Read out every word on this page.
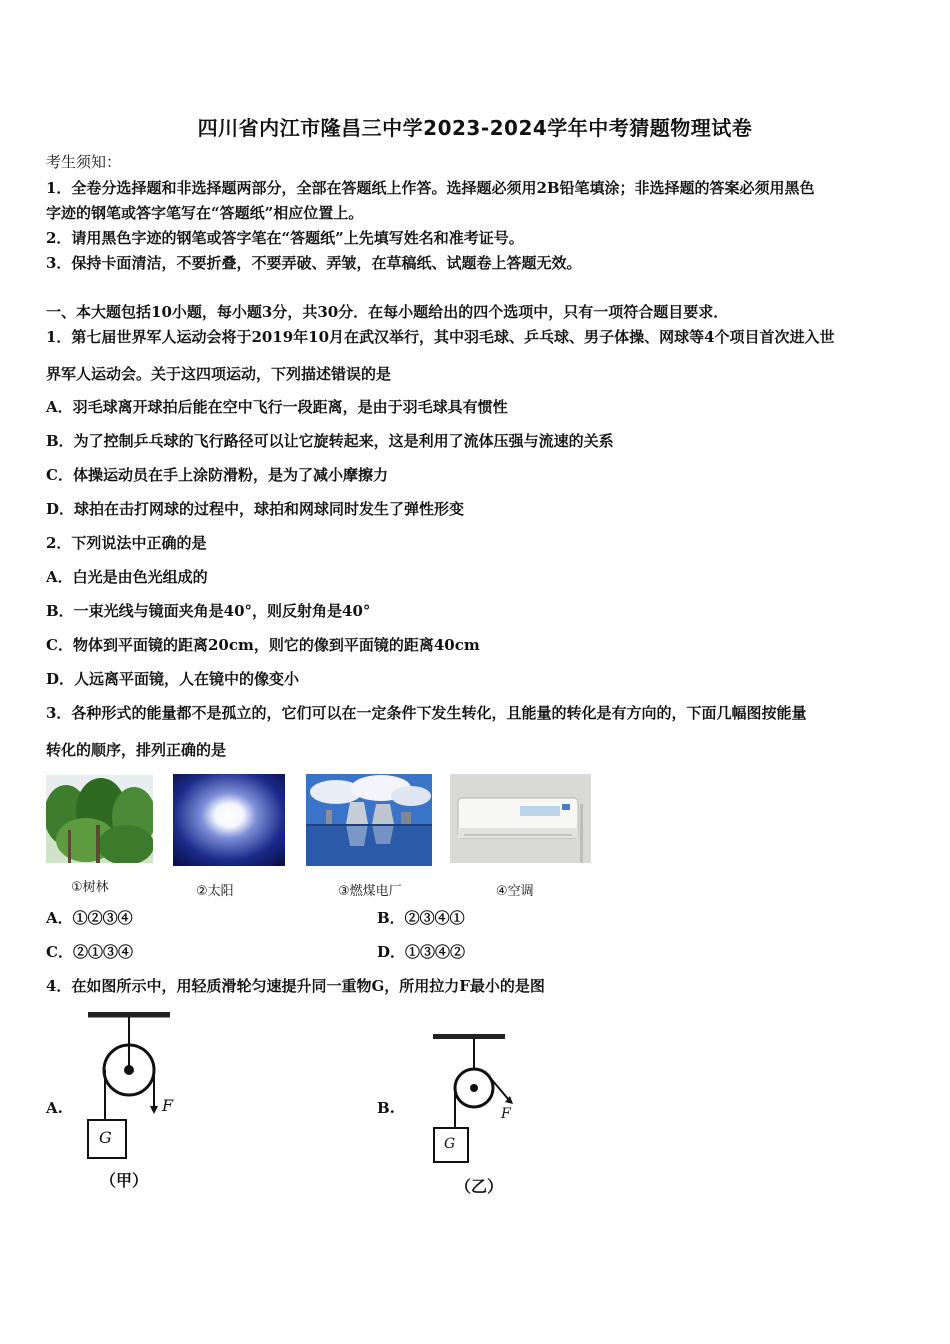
四川省内江市隆昌三中学2023-2024学年中考猜题物理试卷
考生须知：
1．全卷分选择题和非选择题两部分，全部在答题纸上作答。选择题必须用2B铅笔填涂；非选择题的答案必须用黑色
字迹的钢笔或答字笔写在“答题纸”相应位置上。
2．请用黑色字迹的钢笔或答字笔在“答题纸”上先填写姓名和准考证号。
3．保持卡面清洁，不要折叠，不要弄破、弄皱，在草稿纸、试题卷上答题无效。
一、本大题包括10小题，每小题3分，共30分．在每小题给出的四个选项中，只有一项符合题目要求．
1．第七届世界军人运动会将于2019年10月在武汉举行，其中羽毛球、乒乓球、男子体操、网球等4个项目首次进入世
界军人运动会。关于这四项运动，下列描述错误的是
A．羽毛球离开球拍后能在空中飞行一段距离，是由于羽毛球具有惯性
B．为了控制乒乓球的飞行路径可以让它旋转起来，这是利用了流体压强与流速的关系
C．体操运动员在手上涂防滑粉，是为了减小摩擦力
D．球拍在击打网球的过程中，球拍和网球同时发生了弹性形变
2．下列说法中正确的是
A．白光是由色光组成的
B．一束光线与镜面夹角是40°，则反射角是40°
C．物体到平面镜的距离20cm，则它的像到平面镜的距离40cm
D．人远离平面镜，人在镜中的像变小
3．各种形式的能量都不是孤立的，它们可以在一定条件下发生转化，且能量的转化是有方向的，下面几幅图按能量
转化的顺序，排列正确的是
①树林	②太阳	③燃煤电厂	④空调
A．①②③④	B．②③④①
C．②①③④	D．①③④②
4．在如图所示中，用轻质滑轮匀速提升同一重物G，所用拉力F最小的是图
A.	B.
F
G
（甲）
F
G
（乙）
